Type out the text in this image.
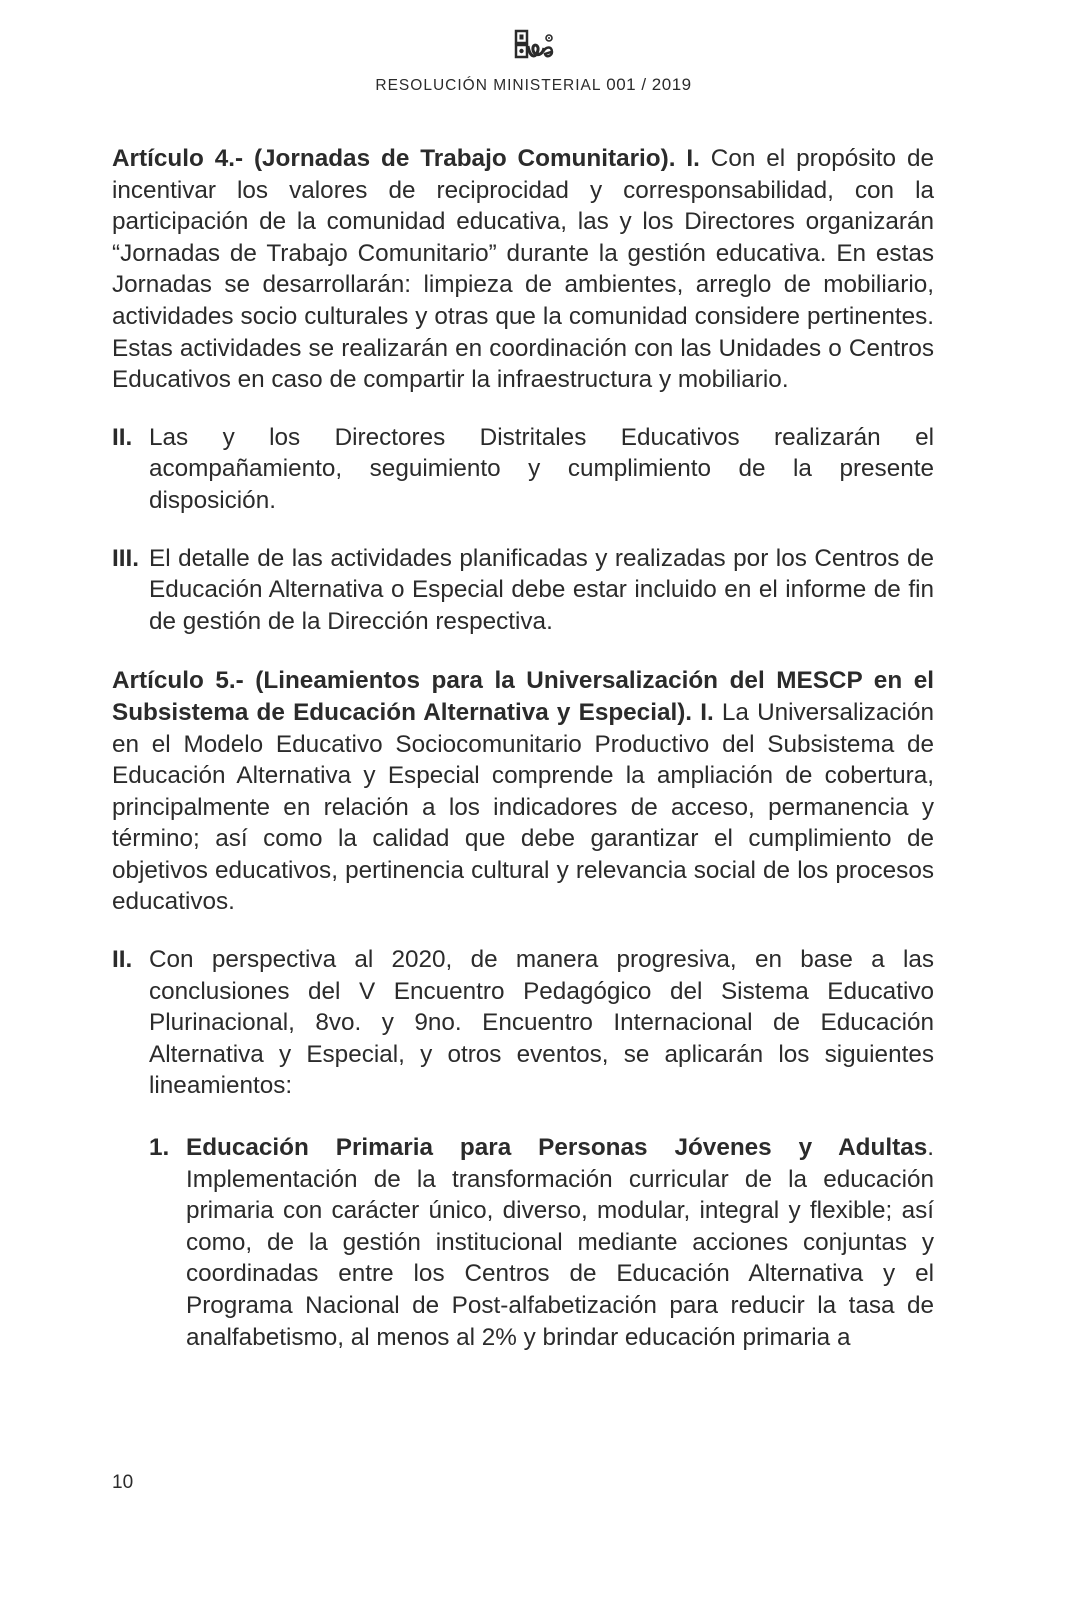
RESOLUCIÓN MINISTERIAL 001 / 2019

Artículo 4.- (Jornadas de Trabajo Comunitario). I. Con el propósito de incentivar los valores de reciprocidad y corresponsabilidad, con la participación de la comunidad educativa, las y los Directores organizarán “Jornadas de Trabajo Comunitario” durante la gestión educativa. En estas Jornadas se desarrollarán: limpieza de ambientes, arreglo de mobiliario, actividades socio culturales y otras que la comunidad considere pertinentes. Estas actividades se realizarán en coordinación con las Unidades o Centros Educativos en caso de compartir la infraestructura y mobiliario.

II. Las y los Directores Distritales Educativos realizarán el acompañamiento, seguimiento y cumplimiento de la presente disposición.
III. El detalle de las actividades planificadas y realizadas por los Centros de Educación Alternativa o Especial debe estar incluido en el informe de fin de gestión de la Dirección respectiva.

Artículo 5.- (Lineamientos para la Universalización del MESCP en el Subsistema de Educación Alternativa y Especial). I. La Universalización en el Modelo Educativo Sociocomunitario Productivo del Subsistema de Educación Alternativa y Especial comprende la ampliación de cobertura, principalmente en relación a los indicadores de acceso, permanencia y término; así como la calidad que debe garantizar el cumplimiento de objetivos educativos, pertinencia cultural y relevancia social de los procesos educativos.

II. Con perspectiva al 2020, de manera progresiva, en base a las conclusiones del V Encuentro Pedagógico del Sistema Educativo Plurinacional, 8vo. y 9no. Encuentro Internacional de Educación Alternativa y Especial, y otros eventos, se aplicarán los siguientes lineamientos:
1. Educación Primaria para Personas Jóvenes y Adultas. Implementación de la transformación curricular de la educación primaria con carácter único, diverso, modular, integral y flexible; así como, de la gestión institucional mediante acciones conjuntas y coordinadas entre los Centros de Educación Alternativa y el Programa Nacional de Post-alfabetización para reducir la tasa de analfabetismo, al menos al 2% y brindar educación primaria a
10
